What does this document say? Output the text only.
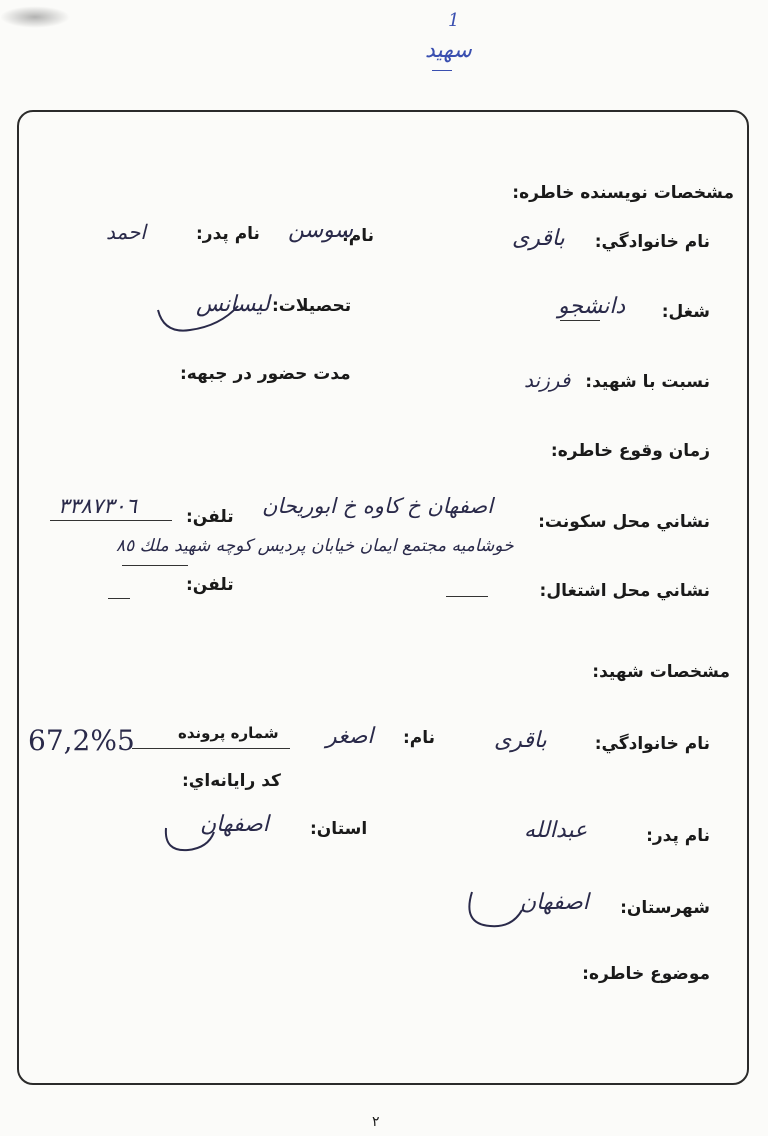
1
سهيد
مشخصات نويسنده خاطره:
نام خانوادگي:
باقری
نام:
سوسن
نام پدر:
احمد
شغل:
دانشجو
تحصيلات:
ليسانس
نسبت با شهيد:
فرزند
مدت حضور در جبهه:
زمان وقوع خاطره:
نشاني محل سكونت:
اصفهان خ كاوه خ ابوريحان
خوشاميه مجتمع ايمان خيابان پرديس كوچه شهيد ملك ٨٥
تلفن:
٣٣٨٧٣٠٦
نشاني محل اشتغال:
تلفن:
مشخصات شهيد:
نام خانوادگي:
باقری
نام:
اصغر
شماره پرونده
67,2%5
كد رايانه‌اي:
نام پدر:
عبدالله
استان:
اصفهان
شهرستان:
اصفهان
موضوع خاطره:
٢
